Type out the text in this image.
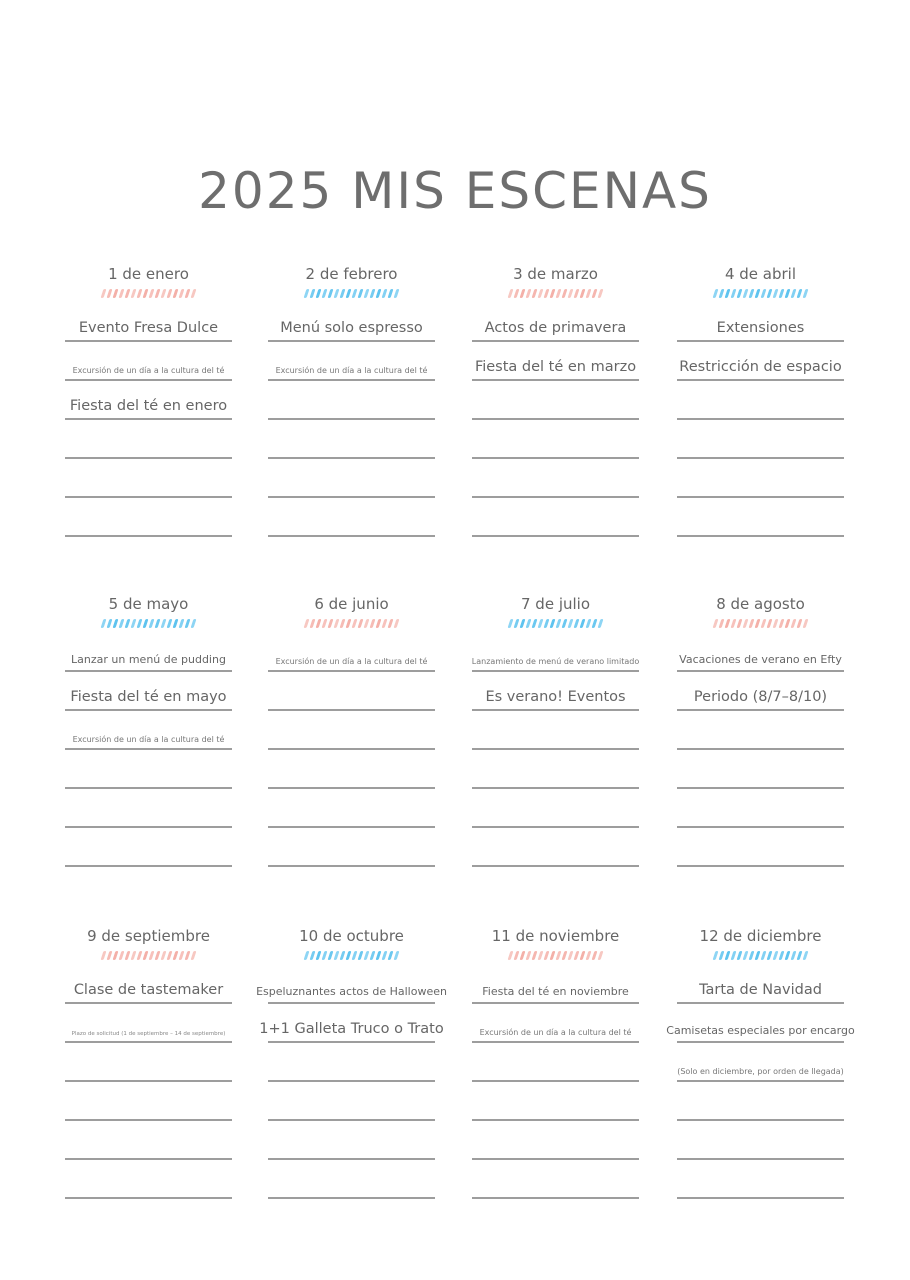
2025 MIS ESCENAS
1 de enero
Evento Fresa Dulce
Excursión de un día a la cultura del té
Fiesta del té en enero
2 de febrero
Menú solo espresso
Excursión de un día a la cultura del té
3 de marzo
Actos de primavera
Fiesta del té en marzo
4 de abril
Extensiones
Restricción de espacio
5 de mayo
Lanzar un menú de pudding
Fiesta del té en mayo
Excursión de un día a la cultura del té
6 de junio
Excursión de un día a la cultura del té
7 de julio
Lanzamiento de menú de verano limitado
Es verano! Eventos
8 de agosto
Vacaciones de verano en Efty
Periodo (8/7–8/10)
9 de septiembre
Clase de tastemaker
Plazo de solicitud (1 de septiembre – 14 de septiembre)
10 de octubre
Espeluznantes actos de Halloween
1+1 Galleta Truco o Trato
11 de noviembre
Fiesta del té en noviembre
Excursión de un día a la cultura del té
12 de diciembre
Tarta de Navidad
Camisetas especiales por encargo
(Solo en diciembre, por orden de llegada)
